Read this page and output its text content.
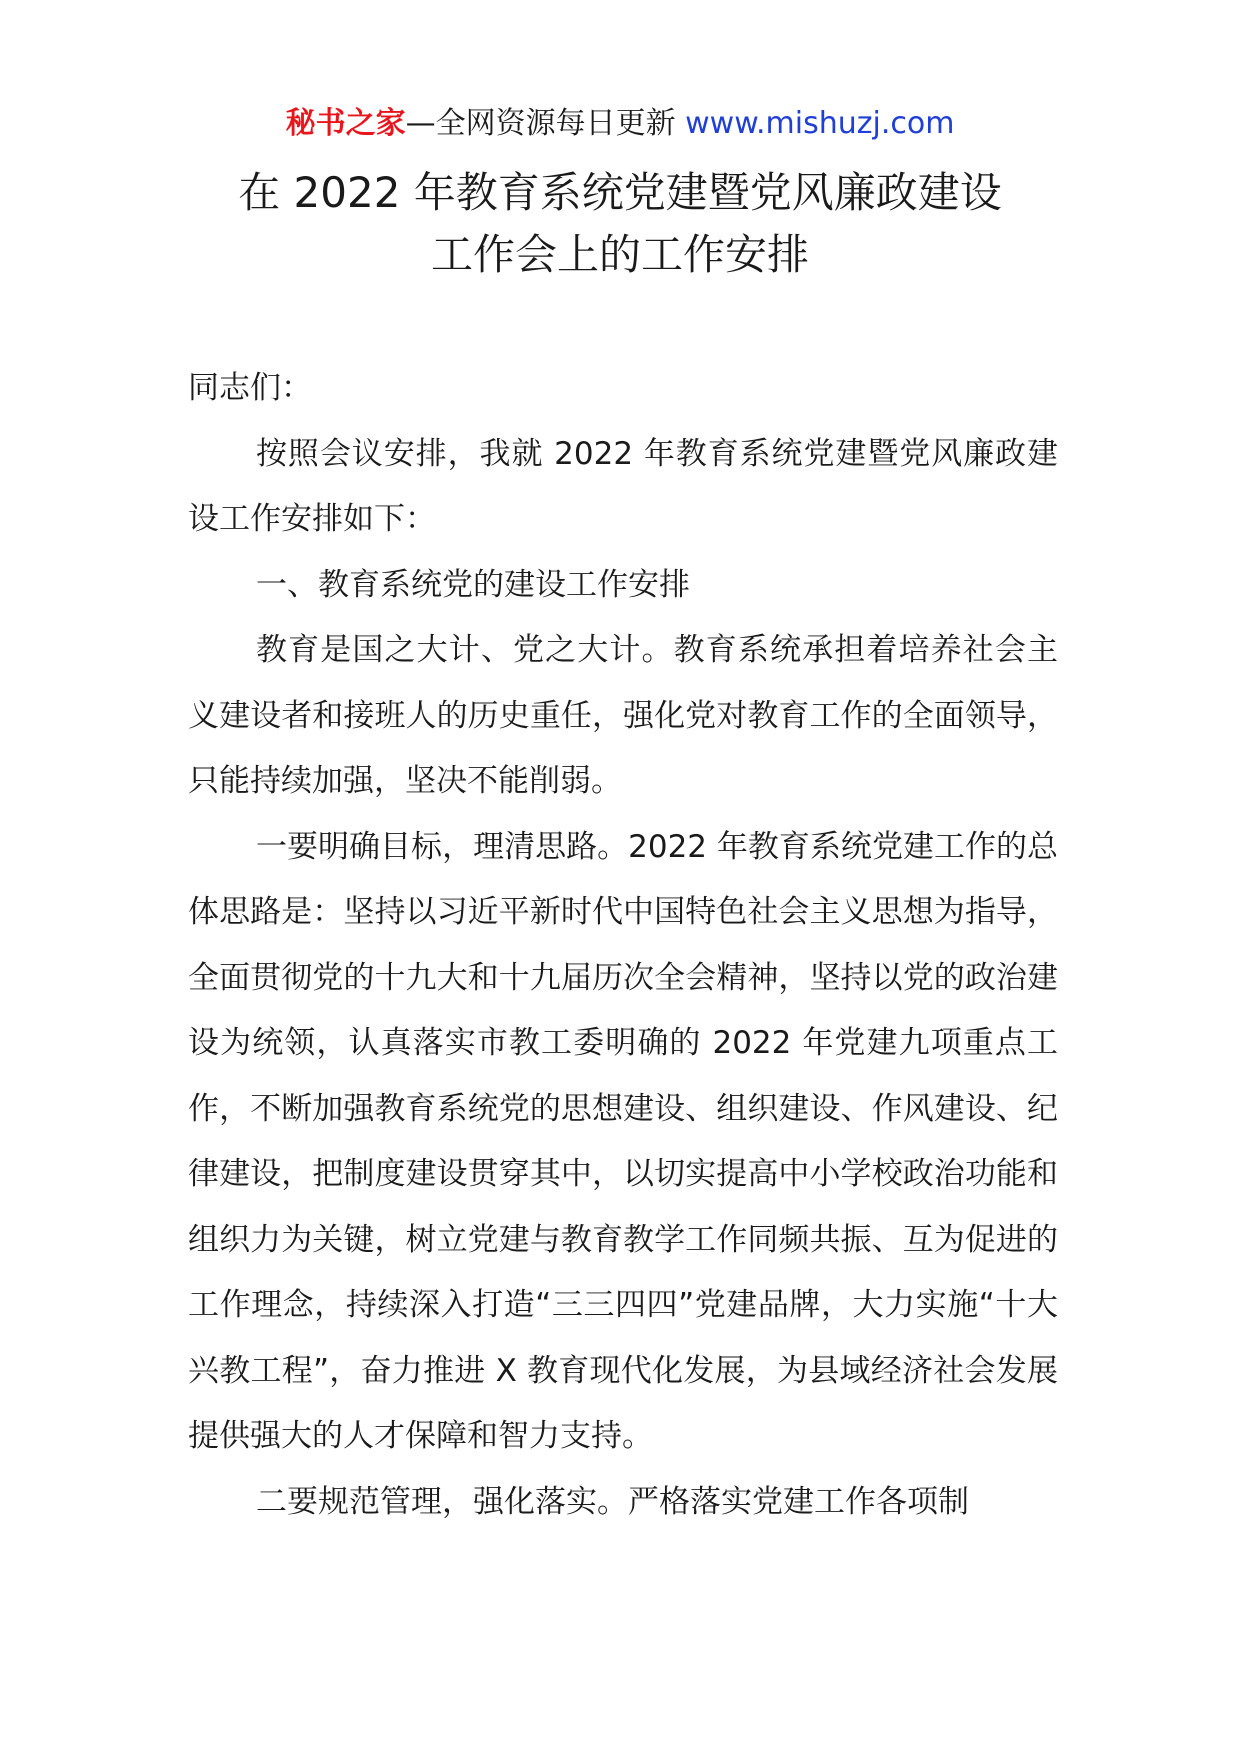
秘书之家—全网资源每日更新 www.mishuzj.com
在 2022 年教育系统党建暨党风廉政建设
工作会上的工作安排

同志们：

按照会议安排，我就 2022 年教育系统党建暨党风廉政建设工作安排如下：

一、教育系统党的建设工作安排

教育是国之大计、党之大计。教育系统承担着培养社会主义建设者和接班人的历史重任，强化党对教育工作的全面领导，只能持续加强，坚决不能削弱。

一要明确目标，理清思路。2022 年教育系统党建工作的总体思路是：坚持以习近平新时代中国特色社会主义思想为指导，全面贯彻党的十九大和十九届历次全会精神，坚持以党的政治建设为统领，认真落实市教工委明确的 2022 年党建九项重点工作，不断加强教育系统党的思想建设、组织建设、作风建设、纪律建设，把制度建设贯穿其中，以切实提高中小学校政治功能和组织力为关键，树立党建与教育教学工作同频共振、互为促进的工作理念，持续深入打造“三三四四”党建品牌，大力实施“十大兴教工程”，奋力推进 X 教育现代化发展，为县域经济社会发展提供强大的人才保障和智力支持。

二要规范管理，强化落实。严格落实党建工作各项制
